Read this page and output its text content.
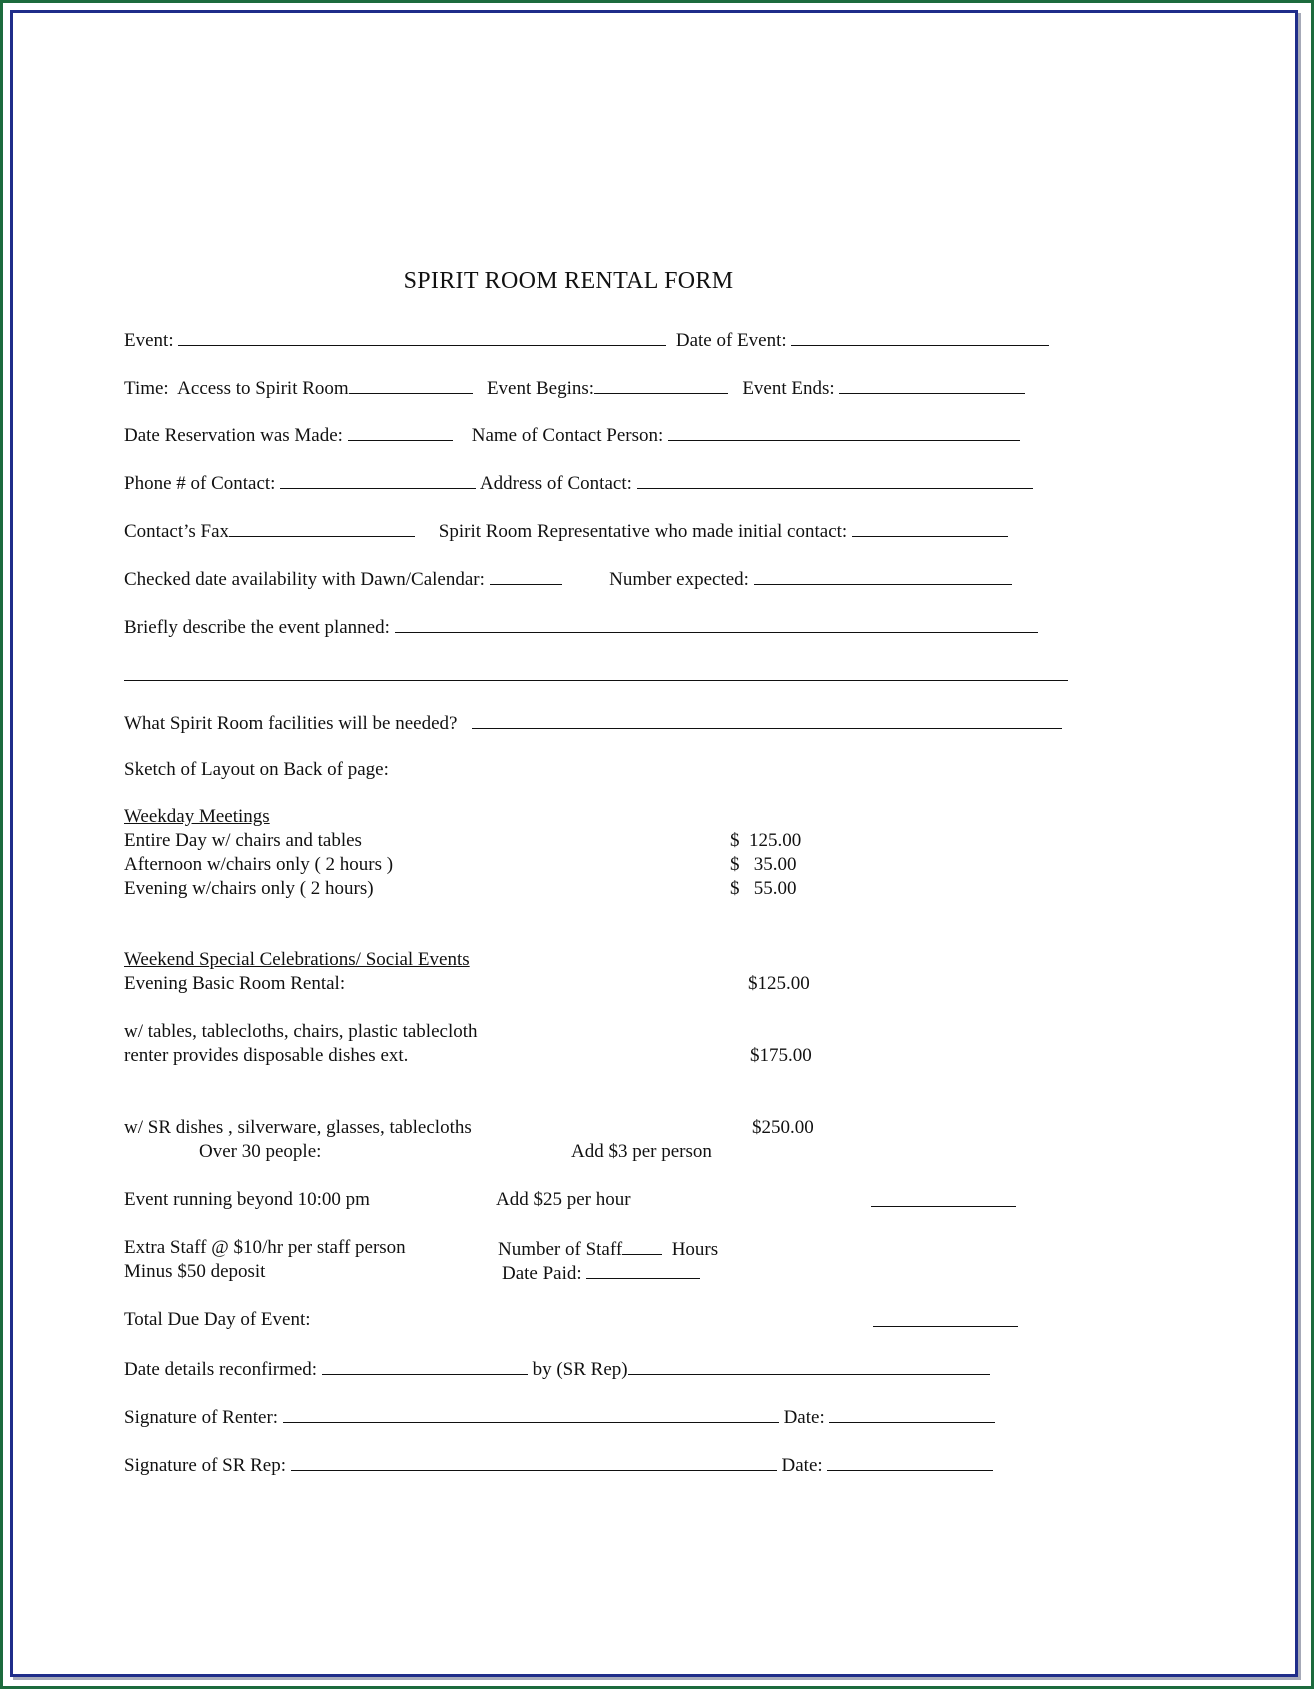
SPIRIT ROOM RENTAL FORM
Event:	Date of Event:
Time:  Access to Spirit Room	Event Begins:	Event Ends:
Date Reservation was Made:	Name of Contact Person:
Phone # of Contact:	Address of Contact:
Contact’s Fax	Spirit Room Representative who made initial contact:
Checked date availability with Dawn/Calendar:	Number expected:
Briefly describe the event planned:
What Spirit Room facilities will be needed?
Sketch of Layout on Back of page:
Weekday Meetings
Entire Day w/ chairs and tables	$  125.00
Afternoon w/chairs only ( 2 hours )	$   35.00
Evening w/chairs only ( 2 hours)	$   55.00
Weekend Special Celebrations/ Social Events
Evening Basic Room Rental:	$125.00
w/ tables, tablecloths, chairs, plastic tablecloth
renter provides disposable dishes ext.	$175.00
w/ SR dishes , silverware, glasses, tablecloths	$250.00
Over 30 people:	Add $3 per person
Event running beyond 10:00 pm	Add $25 per hour
Extra Staff @ $10/hr per staff person	Number of Staff	Hours
Minus $50 deposit	Date Paid:
Total Due Day of Event:
Date details reconfirmed:	by (SR Rep)
Signature of Renter:	Date:
Signature of SR Rep:	Date:
